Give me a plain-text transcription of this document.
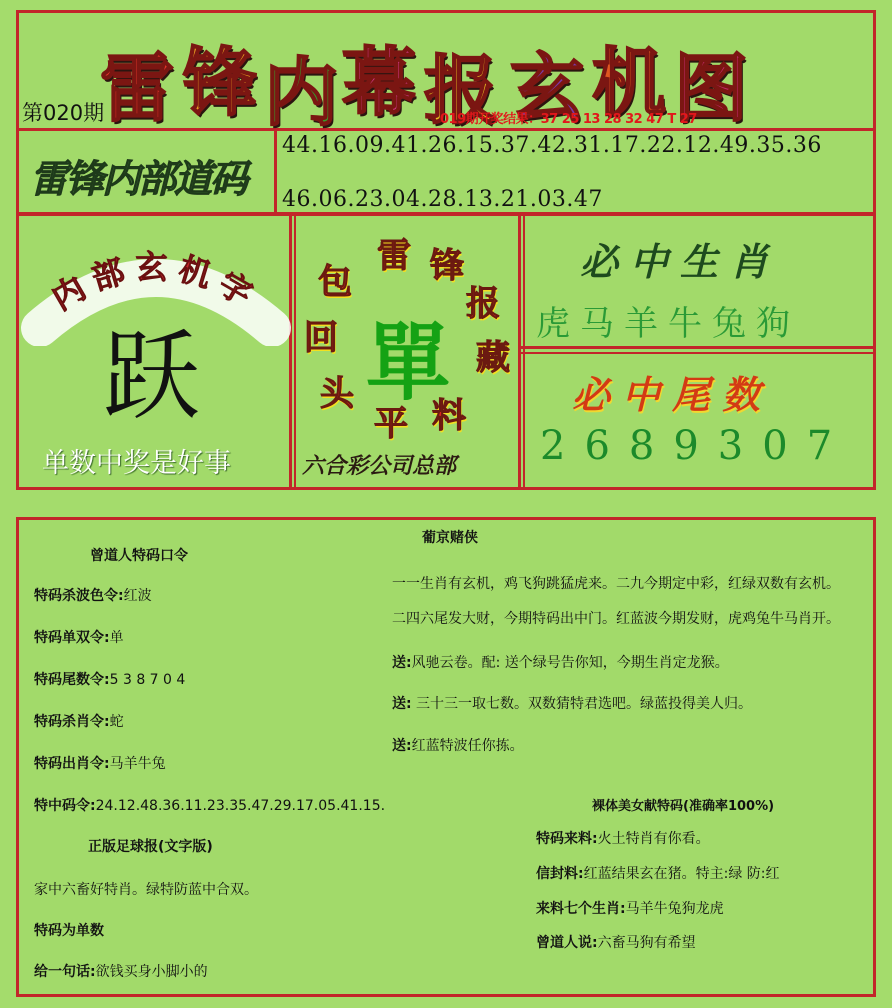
雷 锋 内 幕 报 玄 机 图
第020期	019期开奖结果：37 25 13 28 32 47 T 27
雷锋内部道码
44.16.09.41.26.15.37.42.31.17.22.12.49.35.36
46.06.23.04.28.13.21.03.47
内部玄机字
跃
单数中奖是好事
雷 锋
报
藏
料
平
头
回
包
單
六合彩公司总部
必中生肖
虎马羊牛兔狗
必中尾数
2689307
葡京赌侠
曾道人特码口令
特码杀波色令:红波
特码单双令:单
特码尾数令:5 3 8 7 0 4
特码杀肖令:蛇
特码出肖令:马羊牛兔
特中码令:24.12.48.36.11.23.35.47.29.17.05.41.15.
一一生肖有玄机，鸡飞狗跳猛虎来。二九今期定中彩，红绿双数有玄机。
二四六尾发大财，今期特码出中门。红蓝波今期发财，虎鸡兔牛马肖开。
送:风驰云卷。配: 送个绿号告你知，今期生肖定龙猴。
送: 三十三一取七数。双数猜特君选吧。绿蓝投得美人归。
送:红蓝特波任你拣。
裸体美女献特码(准确率100%)
正版足球报(文字版)
家中六畜好特肖。绿特防蓝中合双。
特码为单数
给一句话:欲钱买身小脚小的
特码来料:火土特肖有你看。
信封料:红蓝结果玄在猪。特主:绿 防:红
来料七个生肖:马羊牛兔狗龙虎
曾道人说:六畜马狗有希望
